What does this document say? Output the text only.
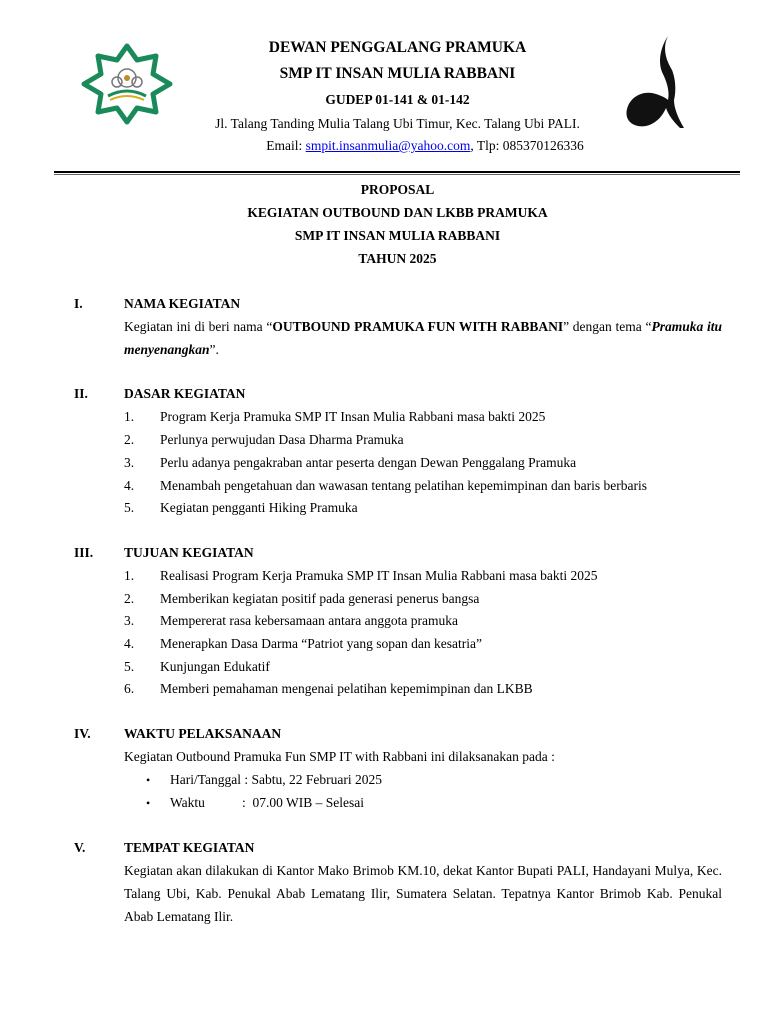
DEWAN PENGGALANG PRAMUKA
SMP IT INSAN MULIA RABBANI
GUDEP 01-141 & 01-142
Jl. Talang Tanding Mulia Talang Ubi Timur, Kec. Talang Ubi PALI.
Email: smpit.insanmulia@yahoo.com, Tlp: 085370126336
PROPOSAL
KEGIATAN OUTBOUND DAN LKBB PRAMUKA
SMP IT INSAN MULIA RABBANI
TAHUN 2025
I.	NAMA KEGIATAN
Kegiatan ini di beri nama “OUTBOUND PRAMUKA FUN WITH RABBANI” dengan tema “Pramuka itu menyenangkan”.
II.	DASAR KEGIATAN
1.	Program Kerja Pramuka SMP IT Insan Mulia Rabbani masa bakti 2025
2.	Perlunya perwujudan Dasa Dharma Pramuka
3.	Perlu adanya pengakraban antar peserta dengan Dewan Penggalang Pramuka
4.	Menambah pengetahuan dan wawasan tentang pelatihan kepemimpinan dan baris berbaris
5.	Kegiatan pengganti Hiking Pramuka
III.	TUJUAN KEGIATAN
1.	Realisasi Program Kerja Pramuka SMP IT Insan Mulia Rabbani masa bakti 2025
2.	Memberikan kegiatan positif pada generasi penerus bangsa
3.	Mempererat rasa kebersamaan antara anggota pramuka
4.	Menerapkan Dasa Darma “Patriot yang sopan dan kesatria”
5.	Kunjungan Edukatif
6.	Memberi pemahaman mengenai pelatihan kepemimpinan dan LKBB
IV.	WAKTU PELAKSANAAN
Kegiatan Outbound Pramuka Fun SMP IT with Rabbani ini dilaksanakan pada :
• Hari/Tanggal : Sabtu, 22 Februari 2025
• Waktu           :  07.00 WIB – Selesai
V.	TEMPAT KEGIATAN
Kegiatan akan dilakukan di Kantor Mako Brimob KM.10, dekat Kantor Bupati PALI, Handayani Mulya, Kec. Talang Ubi, Kab. Penukal Abab Lematang Ilir, Sumatera Selatan. Tepatnya Kantor Brimob Kab. Penukal Abab Lematang Ilir.
